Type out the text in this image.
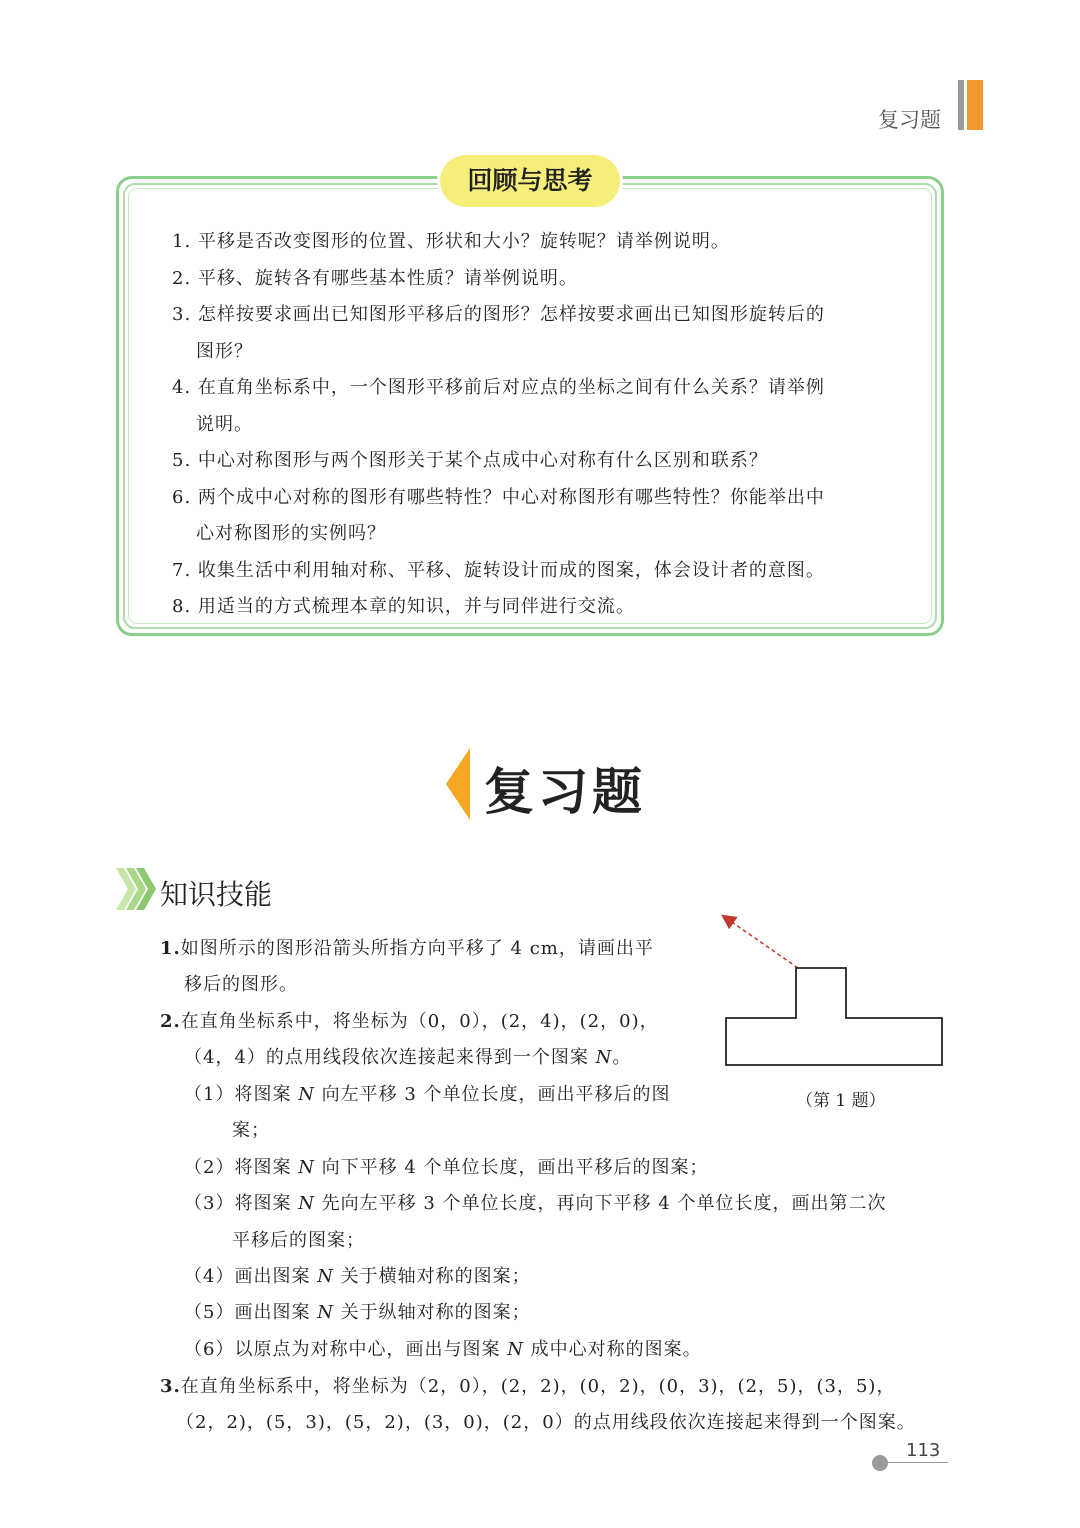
复习题
回顾与思考
1. 平移是否改变图形的位置、形状和大小？旋转呢？请举例说明。
2. 平移、旋转各有哪些基本性质？请举例说明。
3. 怎样按要求画出已知图形平移后的图形？怎样按要求画出已知图形旋转后的
图形？
4. 在直角坐标系中，一个图形平移前后对应点的坐标之间有什么关系？请举例
说明。
5. 中心对称图形与两个图形关于某个点成中心对称有什么区别和联系？
6. 两个成中心对称的图形有哪些特性？中心对称图形有哪些特性？你能举出中
心对称图形的实例吗？
7. 收集生活中利用轴对称、平移、旋转设计而成的图案，体会设计者的意图。
8. 用适当的方式梳理本章的知识，并与同伴进行交流。
复习题
知识技能
1.如图所示的图形沿箭头所指方向平移了 4 cm，请画出平
移后的图形。
2.在直角坐标系中，将坐标为（0，0），(2，4)，(2，0)，
（4，4）的点用线段依次连接起来得到一个图案 N。
（1）将图案 N 向左平移 3 个单位长度，画出平移后的图
案；
（2）将图案 N 向下平移 4 个单位长度，画出平移后的图案；
（3）将图案 N 先向左平移 3 个单位长度，再向下平移 4 个单位长度，画出第二次
平移后的图案；
（4）画出图案 N 关于横轴对称的图案；
（5）画出图案 N 关于纵轴对称的图案；
（6）以原点为对称中心，画出与图案 N 成中心对称的图案。
3.在直角坐标系中，将坐标为（2，0），(2，2)，(0，2)，(0，3)，(2，5)，(3，5)，
（2，2)，(5，3)，(5，2)，(3，0)，(2，0）的点用线段依次连接起来得到一个图案。
（第 1 题）
113
